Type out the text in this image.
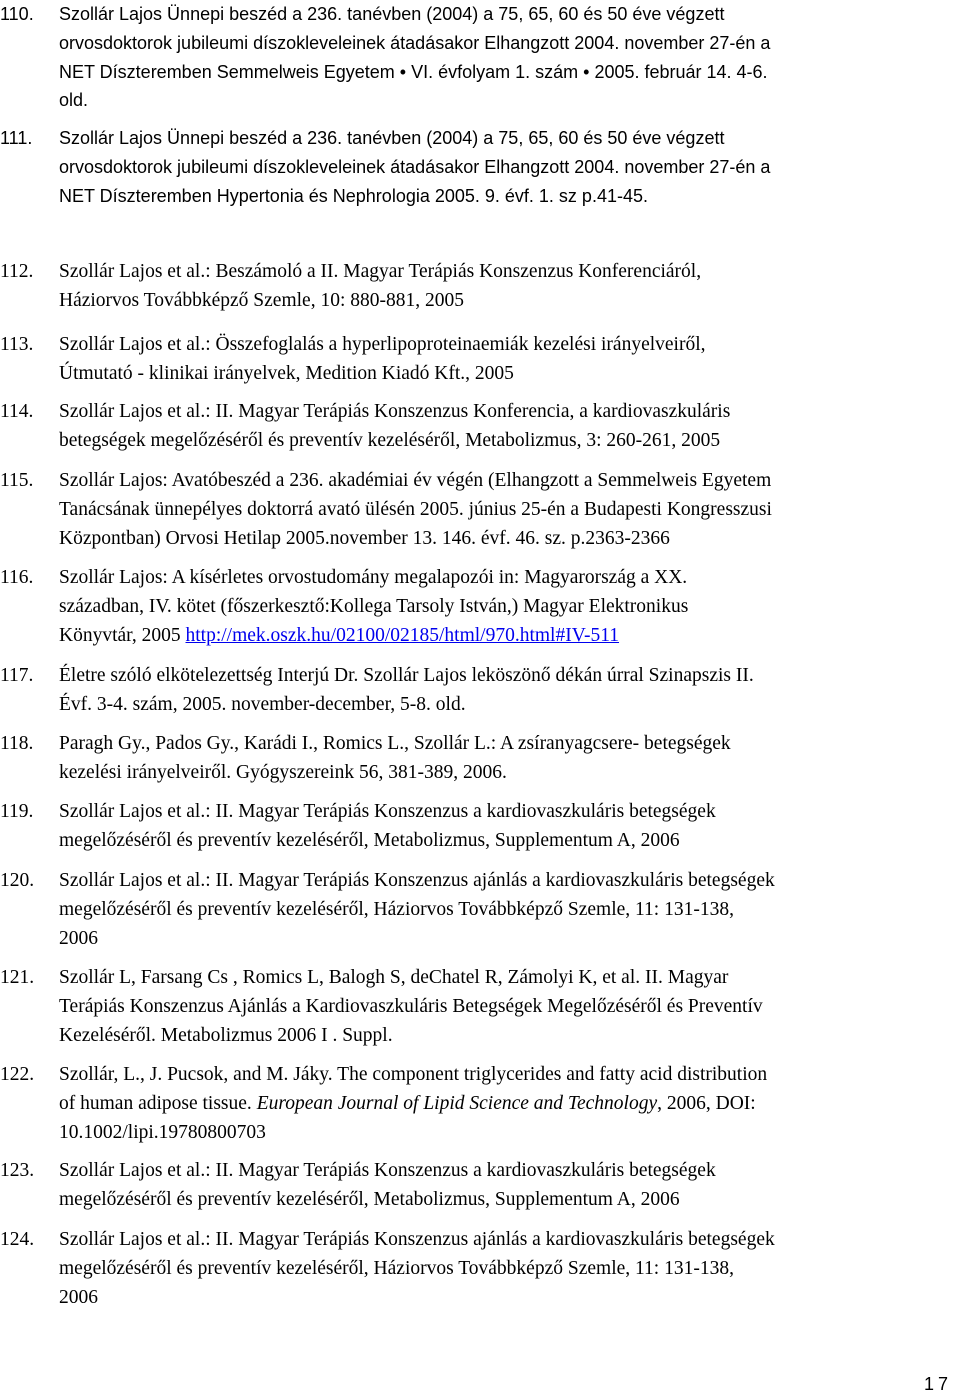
110.	Szollár Lajos Ünnepi beszéd a 236. tanévben (2004) a 75, 65, 60 és 50 éve végzett
orvosdoktorok jubileumi díszokleveleinek átadásakor Elhangzott 2004. november 27-én a
NET Díszteremben Semmelweis Egyetem • VI. évfolyam 1. szám • 2005. február 14. 4-6.
old.
111.	Szollár Lajos Ünnepi beszéd a 236. tanévben (2004) a 75, 65, 60 és 50 éve végzett
orvosdoktorok jubileumi díszokleveleinek átadásakor Elhangzott 2004. november 27-én a
NET Díszteremben Hypertonia és Nephrologia 2005. 9. évf. 1. sz p.41-45.
112.	Szollár Lajos et al.: Beszámoló a II. Magyar Terápiás Konszenzus Konferenciáról,
Háziorvos Továbbképző Szemle, 10: 880-881, 2005
113.	Szollár Lajos et al.: Összefoglalás a hyperlipoproteinaemiák kezelési irányelveiről,
Útmutató - klinikai irányelvek, Medition Kiadó Kft., 2005
114.	Szollár Lajos et al.: II. Magyar Terápiás Konszenzus Konferencia, a kardiovaszkuláris
betegségek megelőzéséről és preventív kezeléséről, Metabolizmus, 3: 260-261, 2005
115.	Szollár Lajos: Avatóbeszéd a 236. akadémiai év végén (Elhangzott a Semmelweis Egyetem
Tanácsának ünnepélyes doktorrá avató ülésén 2005. június 25-én a Budapesti Kongresszusi
Központban) Orvosi Hetilap 2005.november 13. 146. évf. 46. sz. p.2363-2366
116.	Szollár Lajos: A kísérletes orvostudomány megalapozói in: Magyarország a XX.
században, IV. kötet (főszerkesztő:Kollega Tarsoly István,) Magyar Elektronikus
Könyvtár, 2005 http://mek.oszk.hu/02100/02185/html/970.html#IV-511
117.	Életre szóló elkötelezettség Interjú Dr. Szollár Lajos leköszönő dékán úrral Szinapszis II.
Évf. 3-4. szám, 2005. november-december, 5-8. old.
118.	Paragh Gy., Pados Gy., Karádi I., Romics L., Szollár L.: A zsíranyagcsere- betegségek
kezelési irányelveiről. Gyógyszereink 56, 381-389, 2006.
119.	Szollár Lajos et al.: II. Magyar Terápiás Konszenzus a kardiovaszkuláris betegségek
megelőzéséről és preventív kezeléséről, Metabolizmus, Supplementum A, 2006
120.	Szollár Lajos et al.: II. Magyar Terápiás Konszenzus ajánlás a kardiovaszkuláris betegségek
megelőzéséről és preventív kezeléséről, Háziorvos Továbbképző Szemle, 11: 131-138,
2006
121.	Szollár L, Farsang Cs , Romics L, Balogh S, deChatel R, Zámolyi K, et al. II. Magyar
Terápiás Konszenzus Ajánlás a Kardiovaszkuláris Betegségek Megelőzéséről és Preventív
Kezeléséről. Metabolizmus 2006 I . Suppl.
122.	Szollár, L., J. Pucsok, and M. Jáky. The component triglycerides and fatty acid distribution
of human adipose tissue. European Journal of Lipid Science and Technology, 2006, DOI:
10.1002/lipi.19780800703
123.	Szollár Lajos et al.: II. Magyar Terápiás Konszenzus a kardiovaszkuláris betegségek
megelőzéséről és preventív kezeléséről, Metabolizmus, Supplementum A, 2006
124.	Szollár Lajos et al.: II. Magyar Terápiás Konszenzus ajánlás a kardiovaszkuláris betegségek
megelőzéséről és preventív kezeléséről, Háziorvos Továbbképző Szemle, 11: 131-138,
2006
17
